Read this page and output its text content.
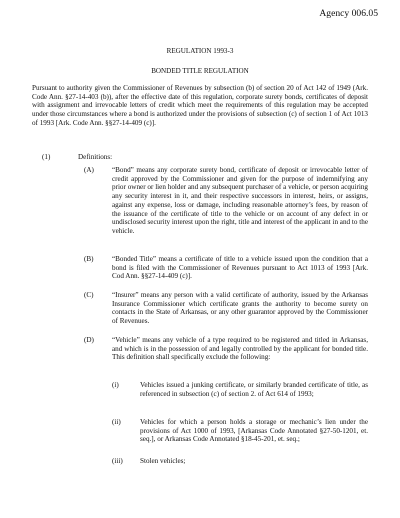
Agency 006.05
REGULATION 1993-3
BONDED TITLE REGULATION
Pursuant to authority given the Commissioner of Revenues by subsection (b) of section 20 of Act 142 of 1949 (Ark. Code Ann. §27-14-403 (b)), after the effective date of this regulation, corporate surety bonds, certificates of deposit with assignment and irrevocable letters of credit which meet the requirements of this regulation may be accepted under those circumstances where a bond is authorized under the provisions of subsection (c) of section 1 of Act 1013 of 1993 [Ark. Code Ann. §§27-14-409 (c)].
(1)	Definitions:
(A)	“Bond” means any corporate surety bond, certificate of deposit or irrevocable letter of credit approved by the Commissioner and given for the purpose of indemnifying any prior owner or lien holder and any subsequent purchaser of a vehicle, or person acquiring any security interest in it, and their respective successors in interest, heirs, or assigns, against any expense, loss or damage, including reasonable attorney’s fees, by reason of the issuance of the certificate of title to the vehicle or on account of any defect in or undisclosed security interest upon the right, title and interest of the applicant in and to the vehicle.
(B)	“Bonded Title” means a certificate of title to a vehicle issued upon the condition that a bond is filed with the Commissioner of Revenues pursuant to Act 1013 of 1993 [Ark. Cod Ann. §§27-14-409 (c)].
(C)	“Insurer” means any person with a valid certificate of authority, issued by the Arkansas Insurance Commissioner which certificate grants the authority to become surety on contacts in the State of Arkansas, or any other guarantor approved by the Commissioner of Revenues.
(D)	“Vehicle” means any vehicle of a type required to be registered and titled in Arkansas, and which is in the possession of and legally controlled by the applicant for bonded title. This definition shall specifically exclude the following:
(i)	Vehicles issued a junking certificate, or similarly branded certificate of title, as referenced in subsection (c) of section 2. of Act 614 of 1993;
(ii)	Vehicles for which a person holds a storage or mechanic’s lien under the provisions of Act 1000 of 1993, [Arkansas Code Annotated §27-50-1201, et. seq.], or Arkansas Code Annotated §18-45-201, et. seq.;
(iii) Stolen vehicles;
